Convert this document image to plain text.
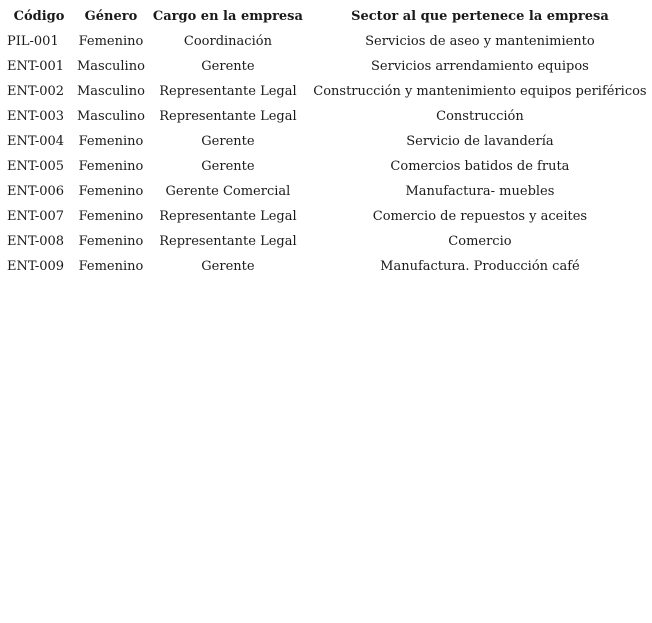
Código	Género	Cargo en la empresa	Sector al que pertenece la empresa
PIL-001	Femenino	Coordinación	Servicios de aseo y mantenimiento
ENT-001	Masculino	Gerente	Servicios arrendamiento equipos
ENT-002	Masculino	Representante Legal	Construcción y mantenimiento equipos periféricos
ENT-003	Masculino	Representante Legal	Construcción
ENT-004	Femenino	Gerente	Servicio de lavandería
ENT-005	Femenino	Gerente	Comercios batidos de fruta
ENT-006	Femenino	Gerente Comercial	Manufactura- muebles
ENT-007	Femenino	Representante Legal	Comercio de repuestos y aceites
ENT-008	Femenino	Representante Legal	Comercio
ENT-009	Femenino	Gerente	Manufactura. Producción café
